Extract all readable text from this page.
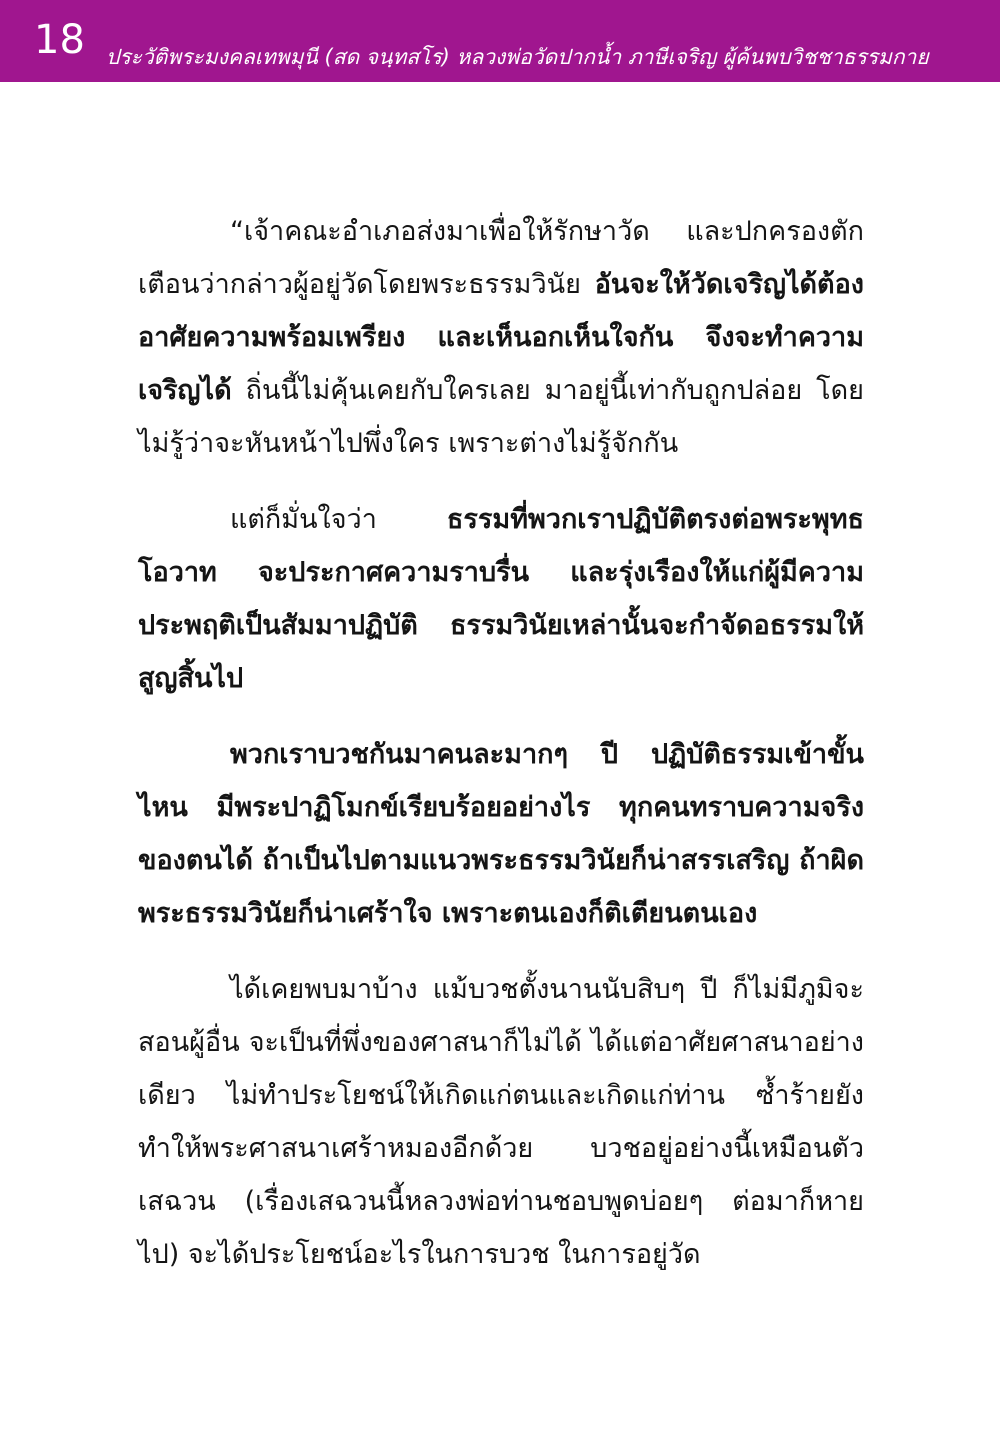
18 ประวัติพระมงคลเทพมุนี (สด จนฺทสโร) หลวงพ่อวัดปากน้ำ ภาษีเจริญ ผู้ค้นพบวิชชาธรรมกาย

“เจ้าคณะอำเภอส่งมาเพื่อให้รักษาวัด และปกครองตักเตือนว่ากล่าวผู้อยู่วัดโดยพระธรรมวินัย อันจะให้วัดเจริญได้ต้องอาศัยความพร้อมเพรียง และเห็นอกเห็นใจกัน จึงจะทำความเจริญได้ ถิ่นนี้ไม่คุ้นเคยกับใครเลย มาอยู่นี้เท่ากับถูกปล่อย โดยไม่รู้ว่าจะหันหน้าไปพึ่งใคร เพราะต่างไม่รู้จักกัน

แต่ก็มั่นใจว่า ธรรมที่พวกเราปฏิบัติตรงต่อพระพุทธโอวาท จะประกาศความราบรื่น และรุ่งเรืองให้แก่ผู้มีความประพฤติเป็นสัมมาปฏิบัติ ธรรมวินัยเหล่านั้นจะกำจัดอธรรมให้สูญสิ้นไป

พวกเราบวชกันมาคนละมากๆ ปี ปฏิบัติธรรมเข้าขั้นไหน มีพระปาฏิโมกข์เรียบร้อยอย่างไร ทุกคนทราบความจริงของตนได้ ถ้าเป็นไปตามแนวพระธรรมวินัยก็น่าสรรเสริญ ถ้าผิดพระธรรมวินัยก็น่าเศร้าใจ เพราะตนเองก็ติเตียนตนเอง

ได้เคยพบมาบ้าง แม้บวชตั้งนานนับสิบๆ ปี ก็ไม่มีภูมิจะสอนผู้อื่น จะเป็นที่พึ่งของศาสนาก็ไม่ได้ ได้แต่อาศัยศาสนาอย่างเดียว ไม่ทำประโยชน์ให้เกิดแก่ตนและเกิดแก่ท่าน ซ้ำร้ายยังทำให้พระศาสนาเศร้าหมองอีกด้วย บวชอยู่อย่างนี้เหมือนตัวเสฉวน (เรื่องเสฉวนนี้หลวงพ่อท่านชอบพูดบ่อยๆ ต่อมาก็หายไป) จะได้ประโยชน์อะไรในการบวช ในการอยู่วัด
